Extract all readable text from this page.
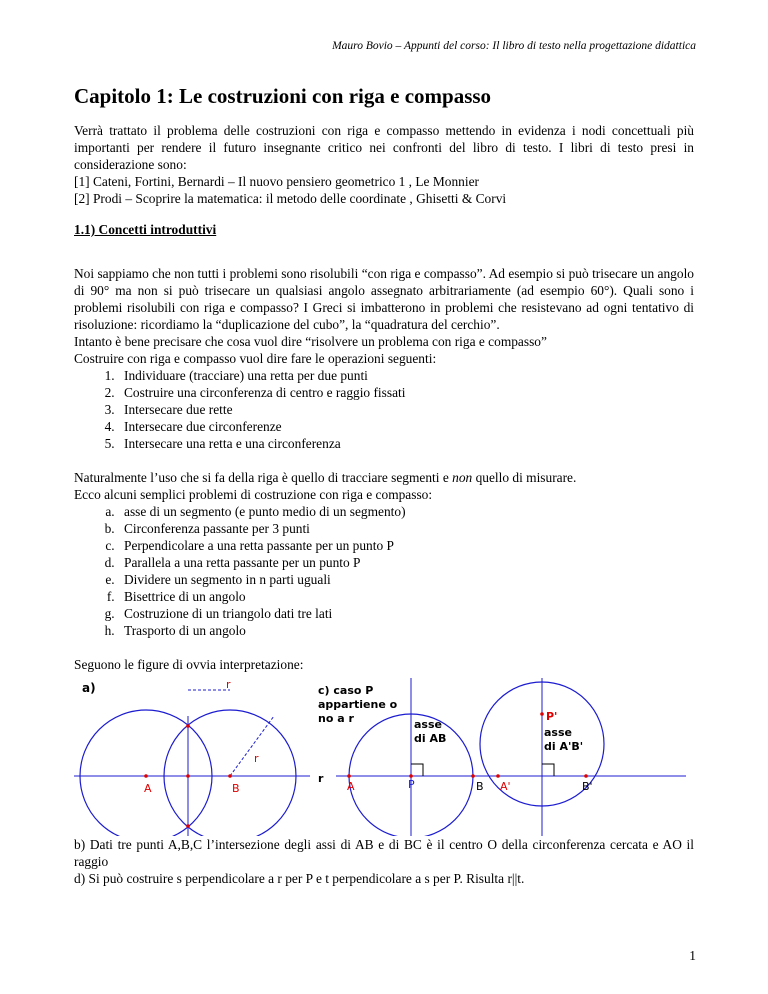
Mauro Bovio – Appunti del corso: Il libro di testo nella progettazione didattica
Capitolo 1: Le costruzioni con riga e compasso

Verrà trattato il problema delle costruzioni con riga e compasso mettendo in evidenza i nodi concettuali più importanti per rendere il futuro insegnante critico nei confronti del libro di testo. I libri di testo presi in considerazione sono:

[1] Cateni, Fortini, Bernardi – Il nuovo pensiero geometrico 1 , Le Monnier

[2] Prodi – Scoprire la matematica: il metodo delle coordinate , Ghisetti & Corvi

1.1) Concetti introduttivi

Noi sappiamo che non tutti i problemi sono risolubili “con riga e compasso”. Ad esempio si può trisecare un angolo di 90° ma non si può trisecare un qualsiasi angolo assegnato arbitrariamente (ad esempio 60°). Quali sono i problemi risolubili con riga e compasso? I Greci si imbatterono in problemi che resistevano ad ogni tentativo di risoluzione: ricordiamo la “duplicazione del cubo”, la “quadratura del cerchio”.

Intanto è bene precisare che cosa vuol dire “risolvere un problema con riga e compasso”

Costruire con riga e compasso vuol dire fare le operazioni seguenti:

1. Individuare (tracciare) una retta per due punti
2. Costruire una circonferenza di centro e raggio fissati
3. Intersecare due rette
4. Intersecare due circonferenze
5. Intersecare una retta e una circonferenza

Naturalmente l’uso che si fa della riga è quello di tracciare segmenti e non quello di misurare.

Ecco alcuni semplici problemi di costruzione con riga e compasso:

a. asse di un segmento (e punto medio di un segmento)
b. Circonferenza passante per 3 punti
c. Perpendicolare a una retta passante per un punto P
d. Parallela a una retta passante per un punto P
e. Dividere un segmento in n parti uguali
f. Bisettrice di un angolo
g. Costruzione di un triangolo dati tre lati
h. Trasporto di un angolo

Seguono le figure di ovvia interpretazione:

a)	r
r
A	B
c) caso P
appartiene o
no a r
r
A	P	B
asse
di AB
P'
A'	B'
asse
di A'B'

b) Dati tre punti A,B,C l’intersezione degli assi di AB e di BC è il centro O della circonferenza cercata e AO il raggio

d) Si può costruire s perpendicolare a r per P e t perpendicolare a s per P. Risulta r||t.

1
